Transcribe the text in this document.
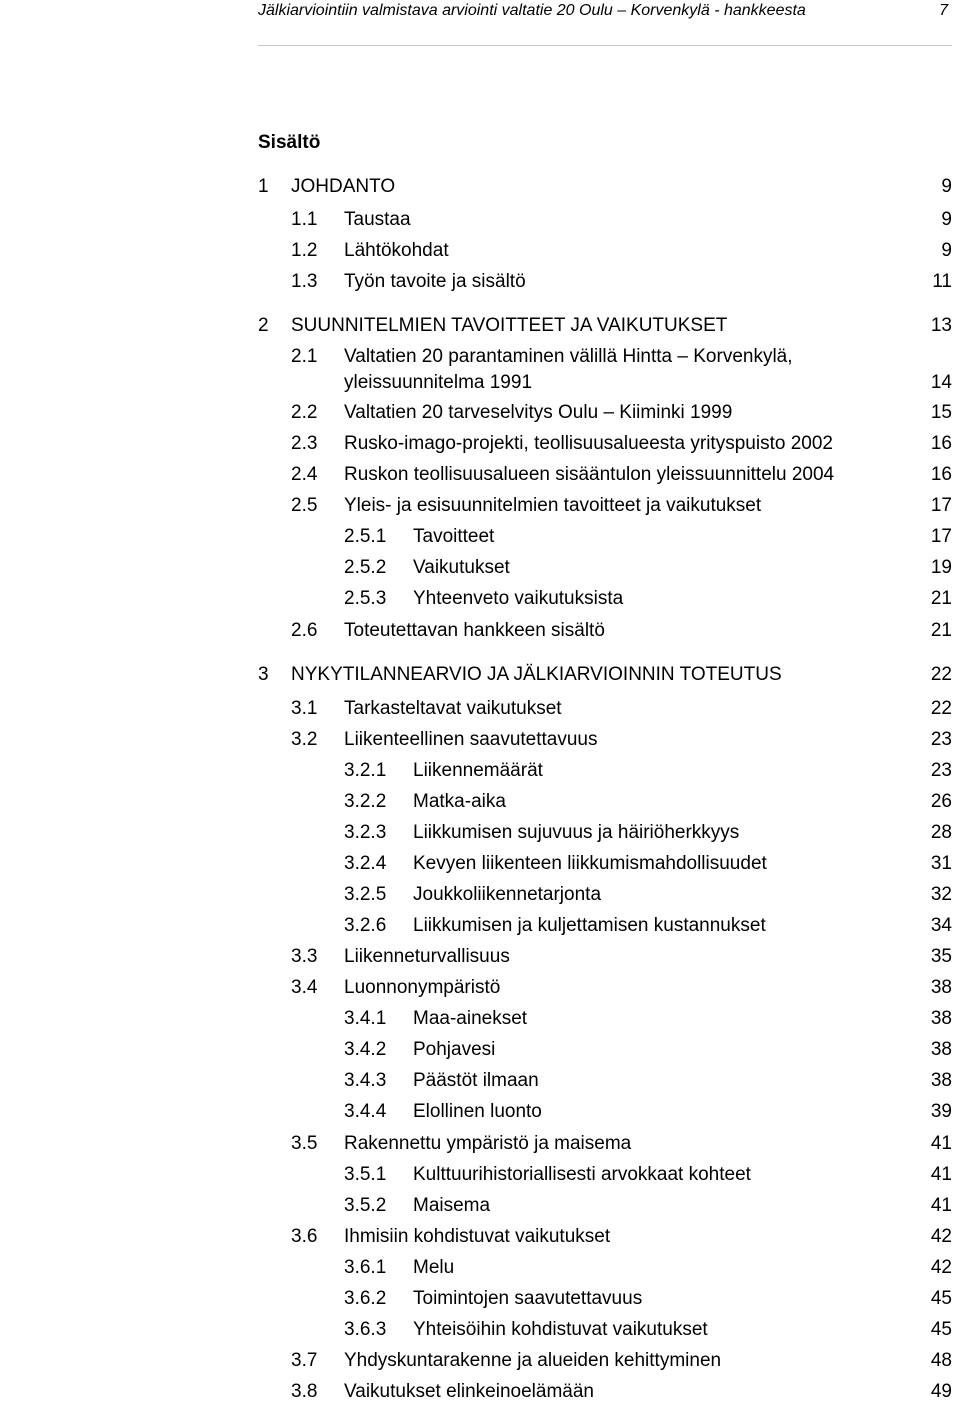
Jälkiarviointiin valmistava arviointi valtatie 20 Oulu – Korvenkylä - hankkeesta	7
Sisältö
1 JOHDANTO	9
1.1 Taustaa	9
1.2 Lähtökohdat	9
1.3 Työn tavoite ja sisältö	11
2 SUUNNITELMIEN TAVOITTEET JA VAIKUTUKSET	13
2.1 Valtatien 20 parantaminen välillä Hintta – Korvenkylä,
yleissuunnitelma 1991	14
2.2 Valtatien 20 tarveselvitys Oulu – Kiiminki 1999	15
2.3 Rusko-imago-projekti, teollisuusalueesta yrityspuisto 2002	16
2.4 Ruskon teollisuusalueen sisääntulon yleissuunnittelu 2004	16
2.5 Yleis- ja esisuunnitelmien tavoitteet ja vaikutukset	17
2.5.1 Tavoitteet	17
2.5.2 Vaikutukset	19
2.5.3 Yhteenveto vaikutuksista	21
2.6 Toteutettavan hankkeen sisältö	21
3 NYKYTILANNEARVIO JA JÄLKIARVIOINNIN TOTEUTUS	22
3.1 Tarkasteltavat vaikutukset	22
3.2 Liikenteellinen saavutettavuus	23
3.2.1 Liikennemäärät	23
3.2.2 Matka-aika	26
3.2.3 Liikkumisen sujuvuus ja häiriöherkkyys	28
3.2.4 Kevyen liikenteen liikkumismahdollisuudet	31
3.2.5 Joukkoliikennetarjonta	32
3.2.6 Liikkumisen ja kuljettamisen kustannukset	34
3.3 Liikenneturvallisuus	35
3.4 Luonnonympäristö	38
3.4.1 Maa-ainekset	38
3.4.2 Pohjavesi	38
3.4.3 Päästöt ilmaan	38
3.4.4 Elollinen luonto	39
3.5 Rakennettu ympäristö ja maisema	41
3.5.1 Kulttuurihistoriallisesti arvokkaat kohteet	41
3.5.2 Maisema	41
3.6 Ihmisiin kohdistuvat vaikutukset	42
3.6.1 Melu	42
3.6.2 Toimintojen saavutettavuus	45
3.6.3 Yhteisöihin kohdistuvat vaikutukset	45
3.7 Yhdyskuntarakenne ja alueiden kehittyminen	48
3.8 Vaikutukset elinkeinoelämään	49
